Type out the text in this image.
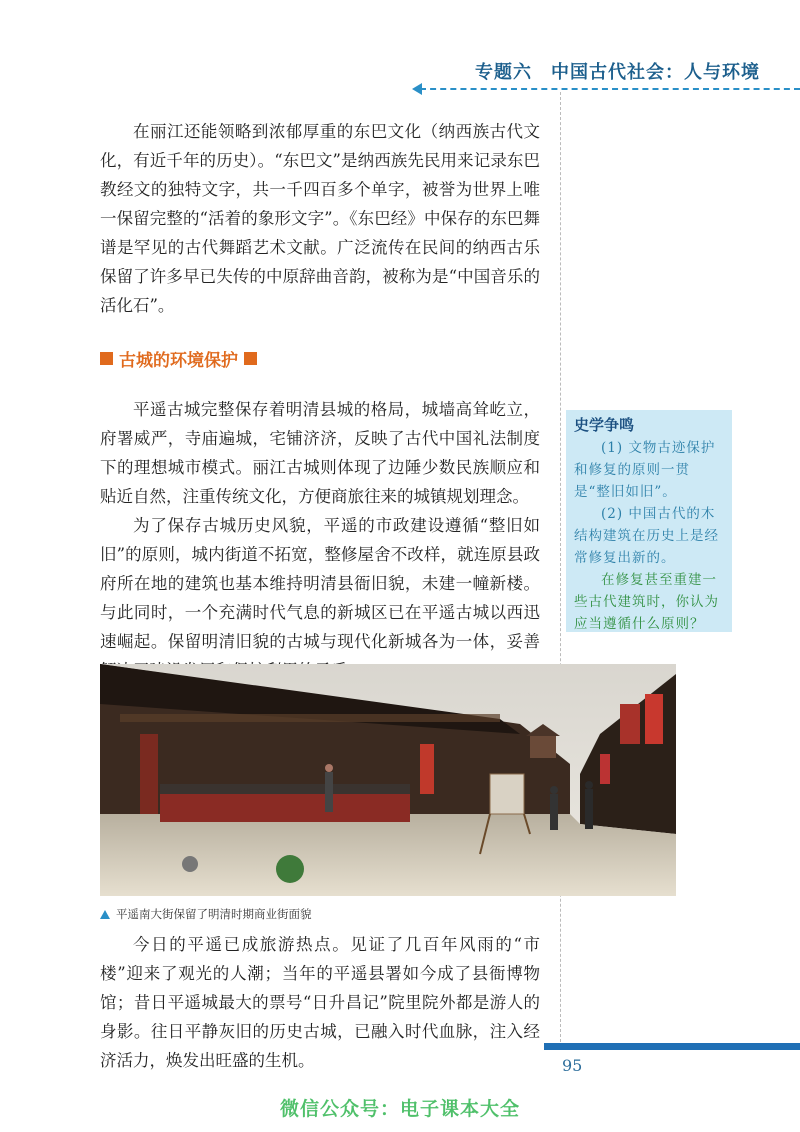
专题六　中国古代社会：人与环境

在丽江还能领略到浓郁厚重的东巴文化（纳西族古代文化，有近千年的历史）。“东巴文”是纳西族先民用来记录东巴教经文的独特文字，共一千四百多个单字，被誉为世界上唯一保留完整的“活着的象形文字”。《东巴经》中保存的东巴舞谱是罕见的古代舞蹈艺术文献。广泛流传在民间的纳西古乐保留了许多早已失传的中原辞曲音韵，被称为是“中国音乐的活化石”。

古城的环境保护

平遥古城完整保存着明清县城的格局，城墙高耸屹立，府署威严，寺庙遍城，宅铺济济，反映了古代中国礼法制度下的理想城市模式。丽江古城则体现了边陲少数民族顺应和贴近自然，注重传统文化，方便商旅往来的城镇规划理念。

为了保存古城历史风貌，平遥的市政建设遵循“整旧如旧”的原则，城内街道不拓宽，整修屋舍不改样，就连原县政府所在地的建筑也基本维持明清县衙旧貌，未建一幢新楼。与此同时，一个充满时代气息的新城区已在平遥古城以西迅速崛起。保留明清旧貌的古城与现代化新城各为一体，妥善

史学争鸣

(1) 文物古迹保护和修复的原则一贯是“整旧如旧”。

(2) 中国古代的木结构建筑在历史上是经常修复出新的。

在修复甚至重建一些古代建筑时，你认为应当遵循什么原则？

平遥南大街保留了明清时期商业街面貌

今日的平遥已成旅游热点。见证了几百年风雨的“市楼”迎来了观光的人潮；当年的平遥县署如今成了县衙博物馆；昔日平遥城最大的票号“日升昌记”院里院外都是游人的身影。往日平静灰旧的历史古城，已融入时代血脉，注入经济活力，焕发出旺盛的生机。	95
微信公众号：电子课本大全
